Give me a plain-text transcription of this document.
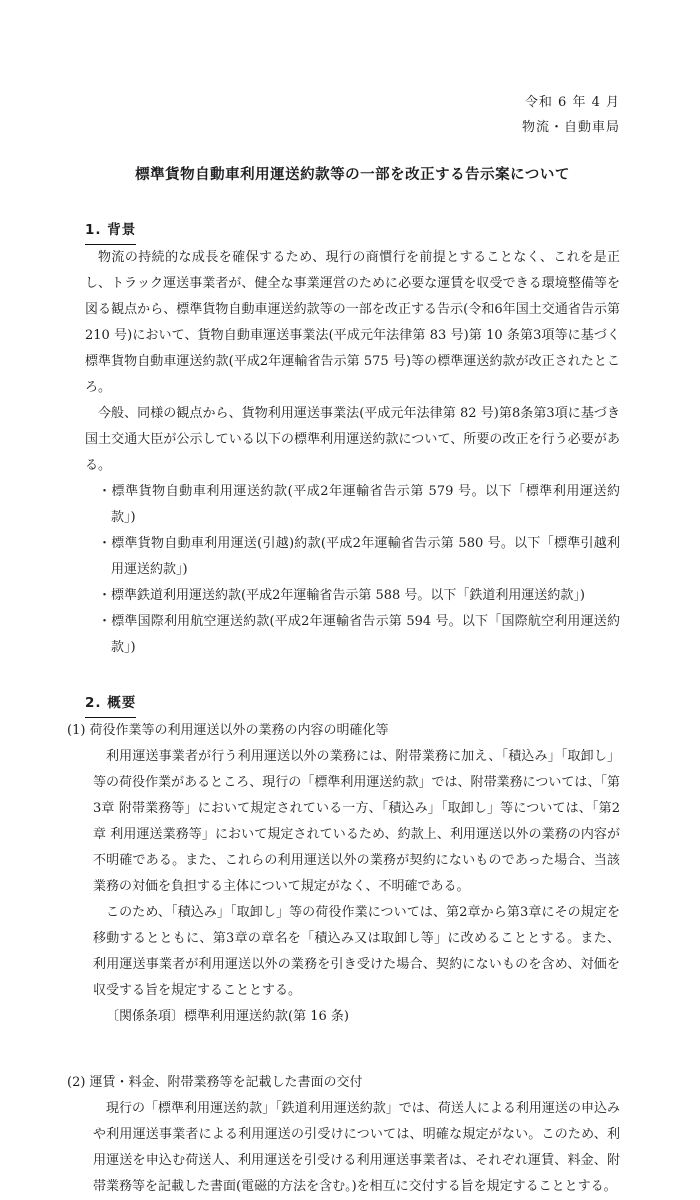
令和 6 年 4 月
物流・自動車局
標準貨物自動車利用運送約款等の一部を改正する告示案について
1. 背景

物流の持続的な成長を確保するため、現行の商慣行を前提とすることなく、これを是正し、トラック運送事業者が、健全な事業運営のために必要な運賃を収受できる環境整備等を図る観点から、標準貨物自動車運送約款等の一部を改正する告示(令和6年国土交通省告示第 210 号)において、貨物自動車運送事業法(平成元年法律第 83 号)第 10 条第3項等に基づく標準貨物自動車運送約款(平成2年運輸省告示第 575 号)等の標準運送約款が改正されたところ。

今般、同様の観点から、貨物利用運送事業法(平成元年法律第 82 号)第8条第3項に基づき国土交通大臣が公示している以下の標準利用運送約款について、所要の改正を行う必要がある。

・標準貨物自動車利用運送約款(平成2年運輸省告示第 579 号。以下「標準利用運送約款」)

・標準貨物自動車利用運送(引越)約款(平成2年運輸省告示第 580 号。以下「標準引越利用運送約款」)

・標準鉄道利用運送約款(平成2年運輸省告示第 588 号。以下「鉄道利用運送約款」)

・標準国際利用航空運送約款(平成2年運輸省告示第 594 号。以下「国際航空利用運送約款」)

2. 概要

(1) 荷役作業等の利用運送以外の業務の内容の明確化等

利用運送事業者が行う利用運送以外の業務には、附帯業務に加え、「積込み」「取卸し」等の荷役作業があるところ、現行の「標準利用運送約款」では、附帯業務については、「第3章 附帯業務等」において規定されている一方、「積込み」「取卸し」等については、「第2章 利用運送業務等」において規定されているため、約款上、利用運送以外の業務の内容が不明確である。また、これらの利用運送以外の業務が契約にないものであった場合、当該業務の対価を負担する主体について規定がなく、不明確である。

このため、「積込み」「取卸し」等の荷役作業については、第2章から第3章にその規定を移動するとともに、第3章の章名を「積込み又は取卸し等」に改めることとする。また、利用運送事業者が利用運送以外の業務を引き受けた場合、契約にないものを含め、対価を収受する旨を規定することとする。

〔関係条項〕標準利用運送約款(第 16 条)

(2) 運賃・料金、附帯業務等を記載した書面の交付

現行の「標準利用運送約款」「鉄道利用運送約款」では、荷送人による利用運送の申込みや利用運送事業者による利用運送の引受けについては、明確な規定がない。このため、利用運送を申込む荷送人、利用運送を引受ける利用運送事業者は、それぞれ運賃、料金、附帯業務等を記載した書面(電磁的方法を含む。)を相互に交付する旨を規定することとする。
